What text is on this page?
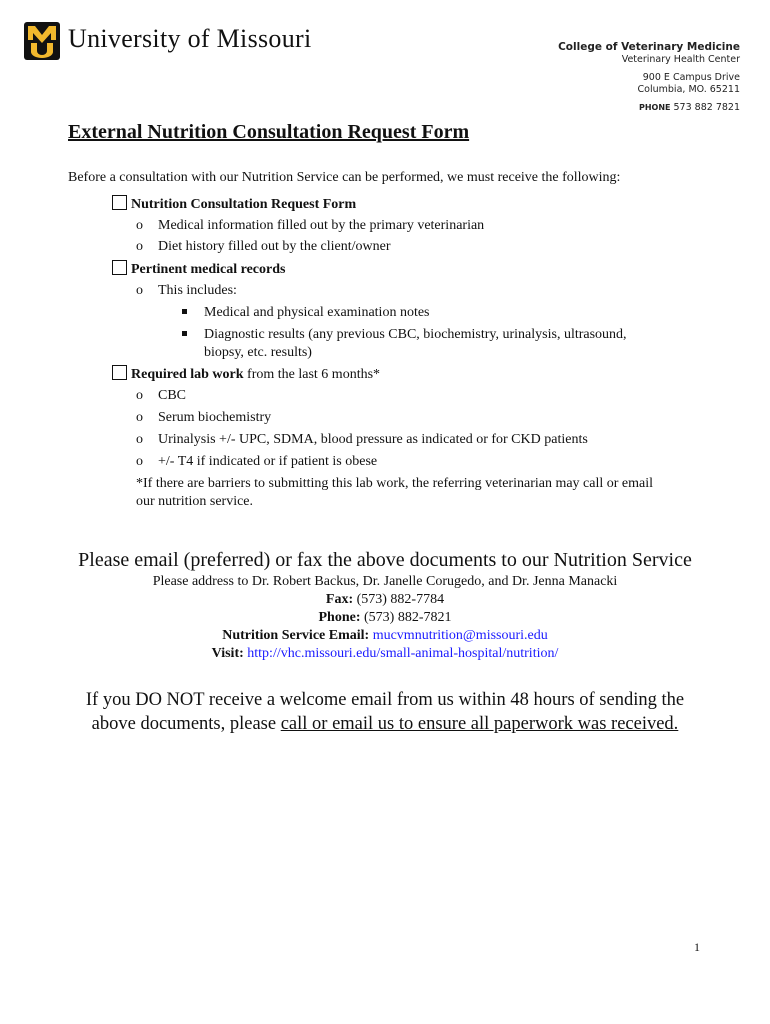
University of Missouri	College of Veterinary Medicine
Veterinary Health Center
900 E Campus Drive
Columbia, MO. 65211
PHONE 573 882 7821
External Nutrition Consultation Request Form
Before a consultation with our Nutrition Service can be performed, we must receive the following:
Nutrition Consultation Request Form
o Medical information filled out by the primary veterinarian
o Diet history filled out by the client/owner
Pertinent medical records
o This includes:
Medical and physical examination notes
Diagnostic results (any previous CBC, biochemistry, urinalysis, ultrasound,
biopsy, etc. results)
Required lab work from the last 6 months*
o CBC
o Serum biochemistry
o Urinalysis +/- UPC, SDMA, blood pressure as indicated or for CKD patients
o +/- T4 if indicated or if patient is obese
*If there are barriers to submitting this lab work, the referring veterinarian may call or email
our nutrition service.
Please email (preferred) or fax the above documents to our Nutrition Service
Please address to Dr. Robert Backus, Dr. Janelle Corugedo, and Dr. Jenna Manacki
Fax: (573) 882-7784
Phone: (573) 882-7821
Nutrition Service Email: mucvmnutrition@missouri.edu
Visit: http://vhc.missouri.edu/small-animal-hospital/nutrition/
If you DO NOT receive a welcome email from us within 48 hours of sending the
above documents, please call or email us to ensure all paperwork was received.
1
